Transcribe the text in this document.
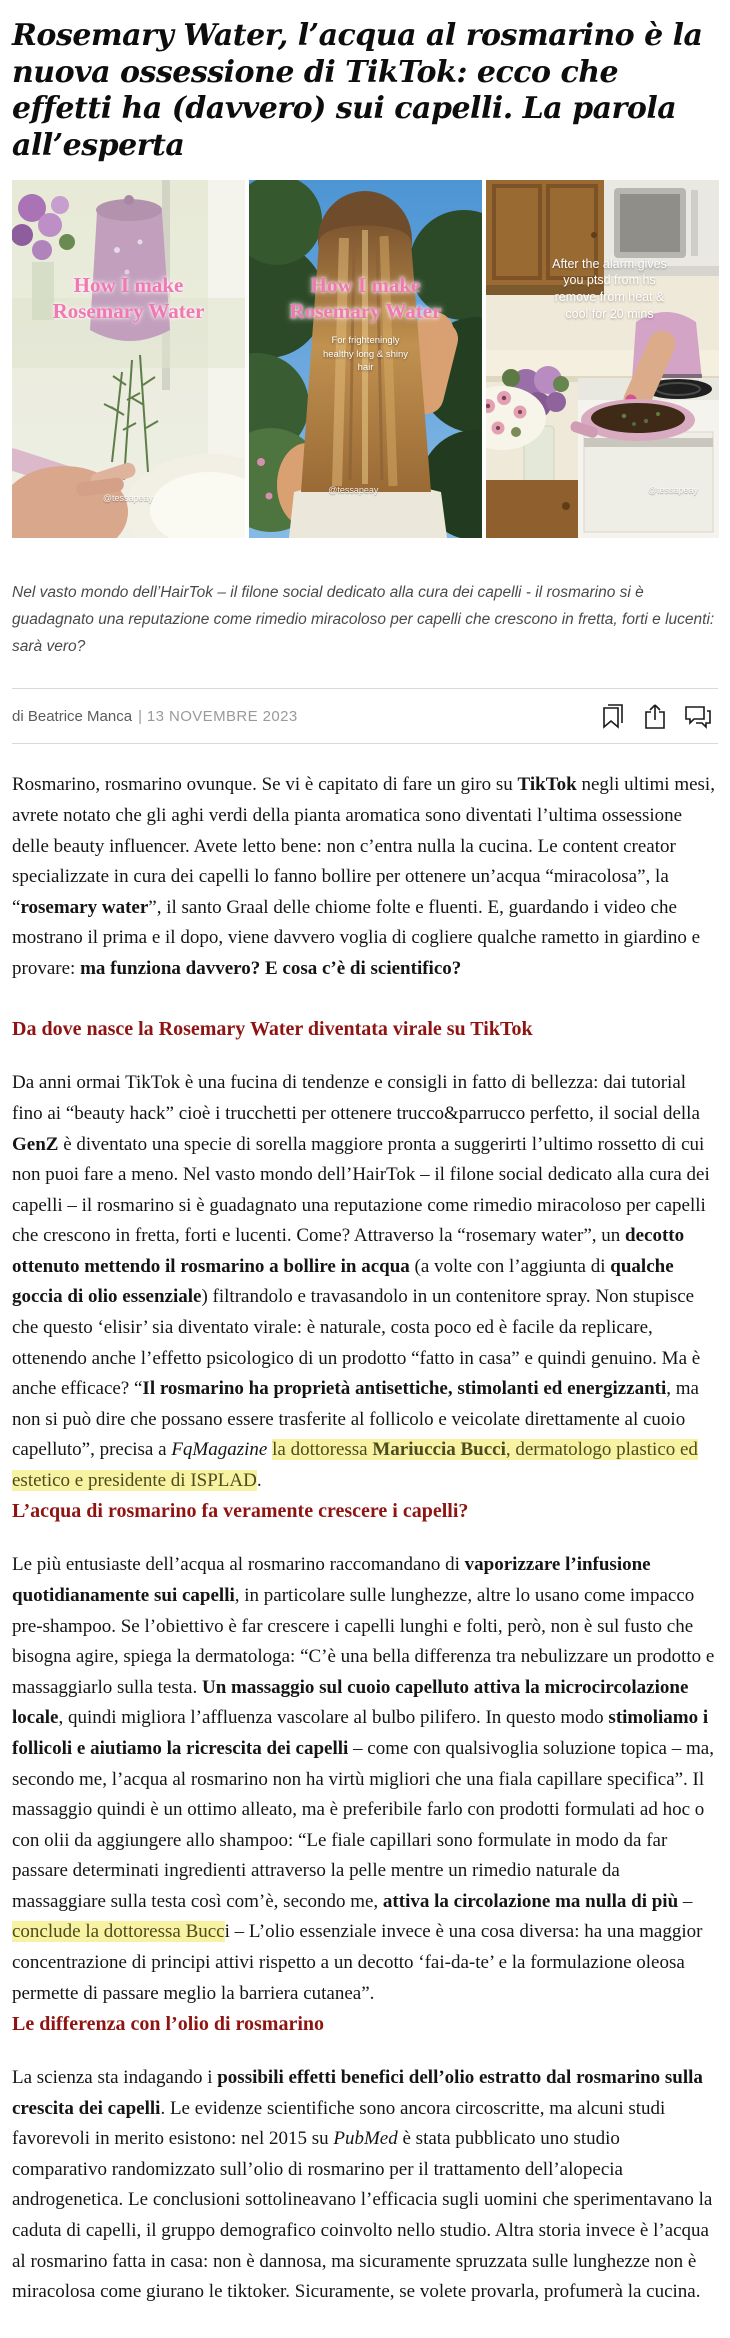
Rosemary Water, l’acqua al rosmarino è la nuova ossessione di TikTok: ecco che effetti ha (davvero) sui capelli. La parola all’esperta
How I make
Rosemary Water
@tessapeay
How I make
Rosemary Water
For frighteningly
healthy long & shiny
hair
@tessapeay
After the alarm gives
you ptsd from hs
remove from heat &
cool for 20 mins
@tessapeay
Nel vasto mondo dell’HairTok – il filone social dedicato alla cura dei capelli - il rosmarino si è guadagnato una reputazione come rimedio miracoloso per capelli che crescono in fretta, forti e lucenti: sarà vero?
di Beatrice Manca | 13 NOVEMBRE 2023

Rosmarino, rosmarino ovunque. Se vi è capitato di fare un giro su TikTok negli ultimi mesi, avrete notato che gli aghi verdi della pianta aromatica sono diventati l’ultima ossessione delle beauty influencer. Avete letto bene: non c’entra nulla la cucina. Le content creator specializzate in cura dei capelli lo fanno bollire per ottenere un’acqua “miracolosa”, la “rosemary water”, il santo Graal delle chiome folte e fluenti. E, guardando i video che mostrano il prima e il dopo, viene davvero voglia di cogliere qualche rametto in giardino e provare: ma funziona davvero? E cosa c’è di scientifico?

Da dove nasce la Rosemary Water diventata virale su TikTok

Da anni ormai TikTok è una fucina di tendenze e consigli in fatto di bellezza: dai tutorial fino ai “beauty hack” cioè i trucchetti per ottenere trucco&parrucco perfetto, il social della GenZ è diventato una specie di sorella maggiore pronta a suggerirti l’ultimo rossetto di cui non puoi fare a meno. Nel vasto mondo dell’HairTok – il filone social dedicato alla cura dei capelli – il rosmarino si è guadagnato una reputazione come rimedio miracoloso per capelli che crescono in fretta, forti e lucenti. Come? Attraverso la “rosemary water”, un decotto ottenuto mettendo il rosmarino a bollire in acqua (a volte con l’aggiunta di qualche goccia di olio essenziale) filtrandolo e travasandolo in un contenitore spray. Non stupisce che questo ‘elisir’ sia diventato virale: è naturale, costa poco ed è facile da replicare, ottenendo anche l’effetto psicologico di un prodotto “fatto in casa” e quindi genuino. Ma è anche efficace? “Il rosmarino ha proprietà antisettiche, stimolanti ed energizzanti, ma non si può dire che possano essere trasferite al follicolo e veicolate direttamente al cuoio capelluto”, precisa a FqMagazine la dottoressa Mariuccia Bucci, dermatologo plastico ed estetico e presidente di ISPLAD.

L’acqua di rosmarino fa veramente crescere i capelli?

Le più entusiaste dell’acqua al rosmarino raccomandano di vaporizzare l’infusione quotidianamente sui capelli, in particolare sulle lunghezze, altre lo usano come impacco pre-shampoo. Se l’obiettivo è far crescere i capelli lunghi e folti, però, non è sul fusto che bisogna agire, spiega la dermatologa: “C’è una bella differenza tra nebulizzare un prodotto e massaggiarlo sulla testa. Un massaggio sul cuoio capelluto attiva la microcircolazione locale, quindi migliora l’affluenza vascolare al bulbo pilifero. In questo modo stimoliamo i follicoli e aiutiamo la ricrescita dei capelli – come con qualsivoglia soluzione topica – ma, secondo me, l’acqua al rosmarino non ha virtù migliori che una fiala capillare specifica”. Il massaggio quindi è un ottimo alleato, ma è preferibile farlo con prodotti formulati ad hoc o con olii da aggiungere allo shampoo: “Le fiale capillari sono formulate in modo da far passare determinati ingredienti attraverso la pelle mentre un rimedio naturale da massaggiare sulla testa così com’è, secondo me, attiva la circolazione ma nulla di più – conclude la dottoressa Bucci – L’olio essenziale invece è una cosa diversa: ha una maggior concentrazione di principi attivi rispetto a un decotto ‘fai-da-te’ e la formulazione oleosa permette di passare meglio la barriera cutanea”.

Le differenza con l’olio di rosmarino

La scienza sta indagando i possibili effetti benefici dell’olio estratto dal rosmarino sulla crescita dei capelli. Le evidenze scientifiche sono ancora circoscritte, ma alcuni studi favorevoli in merito esistono: nel 2015 su PubMed è stata pubblicato uno studio comparativo randomizzato sull’olio di rosmarino per il trattamento dell’alopecia androgenetica. Le conclusioni sottolineavano l’efficacia sugli uomini che sperimentavano la caduta di capelli, il gruppo demografico coinvolto nello studio. Altra storia invece è l’acqua al rosmarino fatta in casa: non è dannosa, ma sicuramente spruzzata sulle lunghezze non è miracolosa come giurano le tiktoker. Sicuramente, se volete provarla, profumerà la cucina.
